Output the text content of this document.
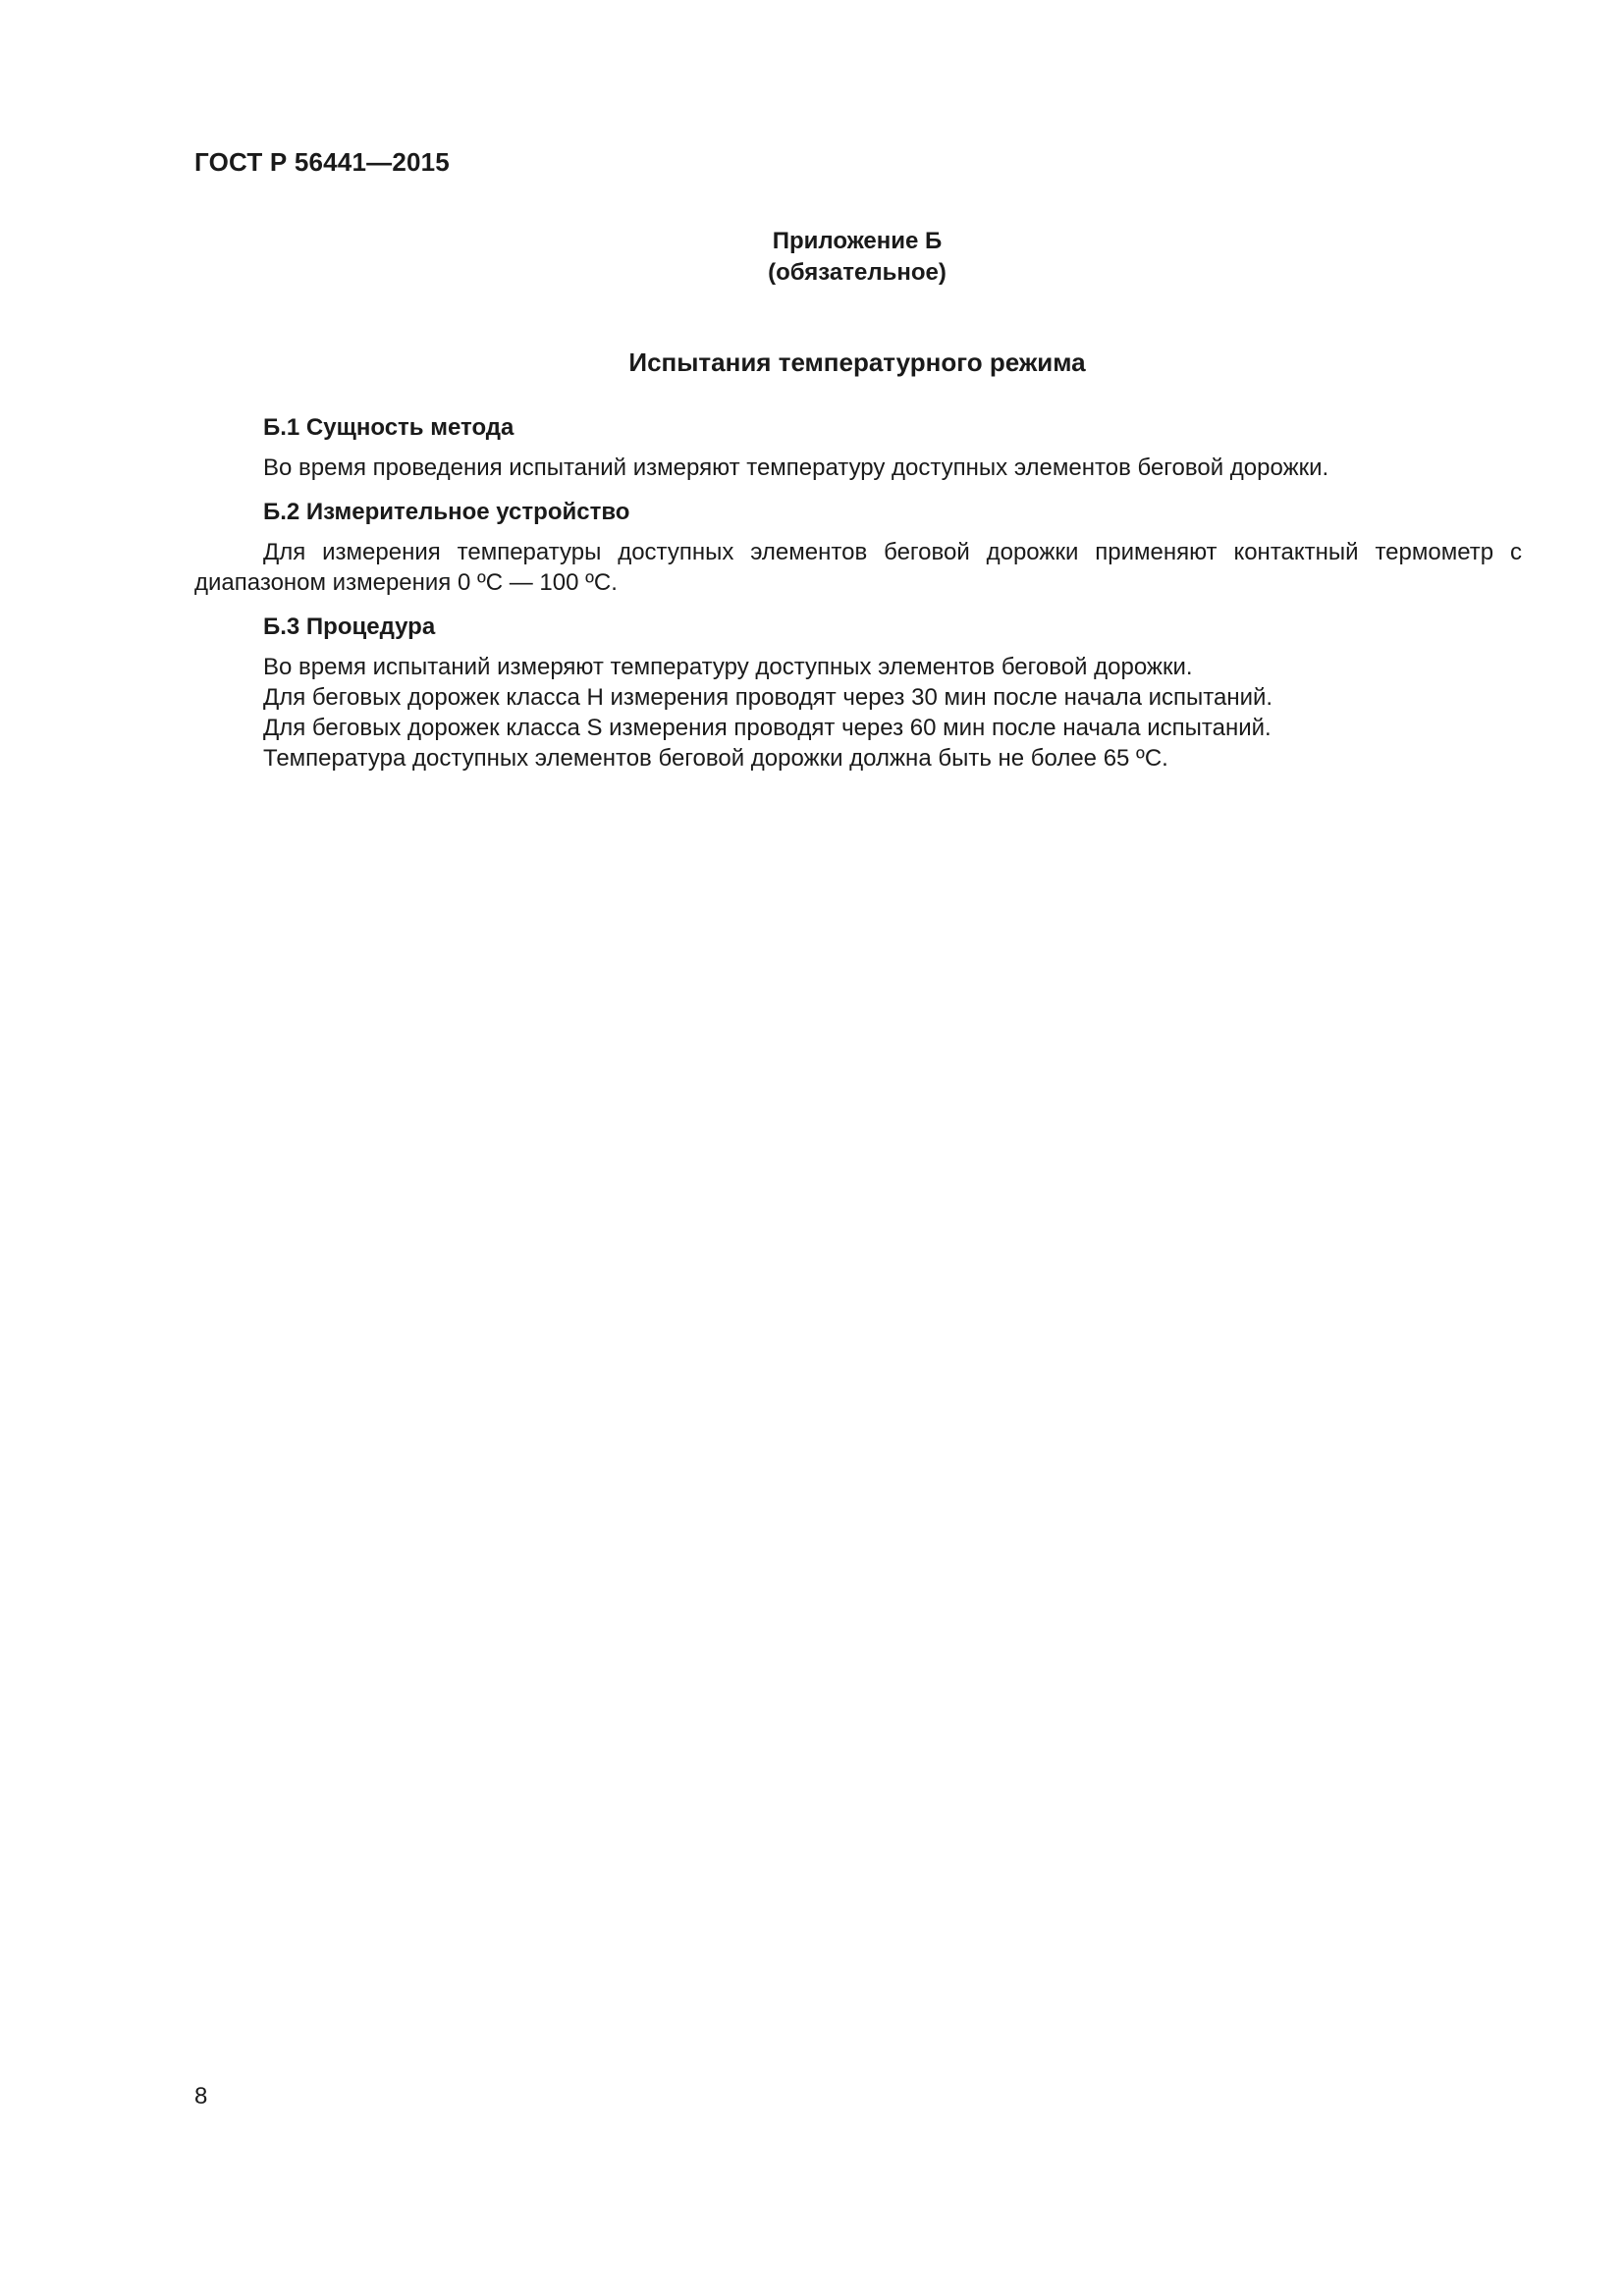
ГОСТ Р 56441—2015
Приложение Б
(обязательное)
Испытания температурного режима
Б.1 Сущность метода
Во время проведения испытаний измеряют температуру доступных элементов беговой дорожки.
Б.2 Измерительное устройство
Для измерения температуры доступных элементов беговой дорожки применяют контактный термометр с диапазоном измерения 0 ºС — 100 ºС.
Б.3 Процедура
Во время испытаний измеряют температуру доступных элементов беговой дорожки.
Для беговых дорожек класса Н измерения проводят через 30 мин после начала испытаний.
Для беговых дорожек класса S измерения проводят через 60 мин после начала испытаний.
Температура доступных элементов беговой дорожки должна быть не более 65 ºС.
8
